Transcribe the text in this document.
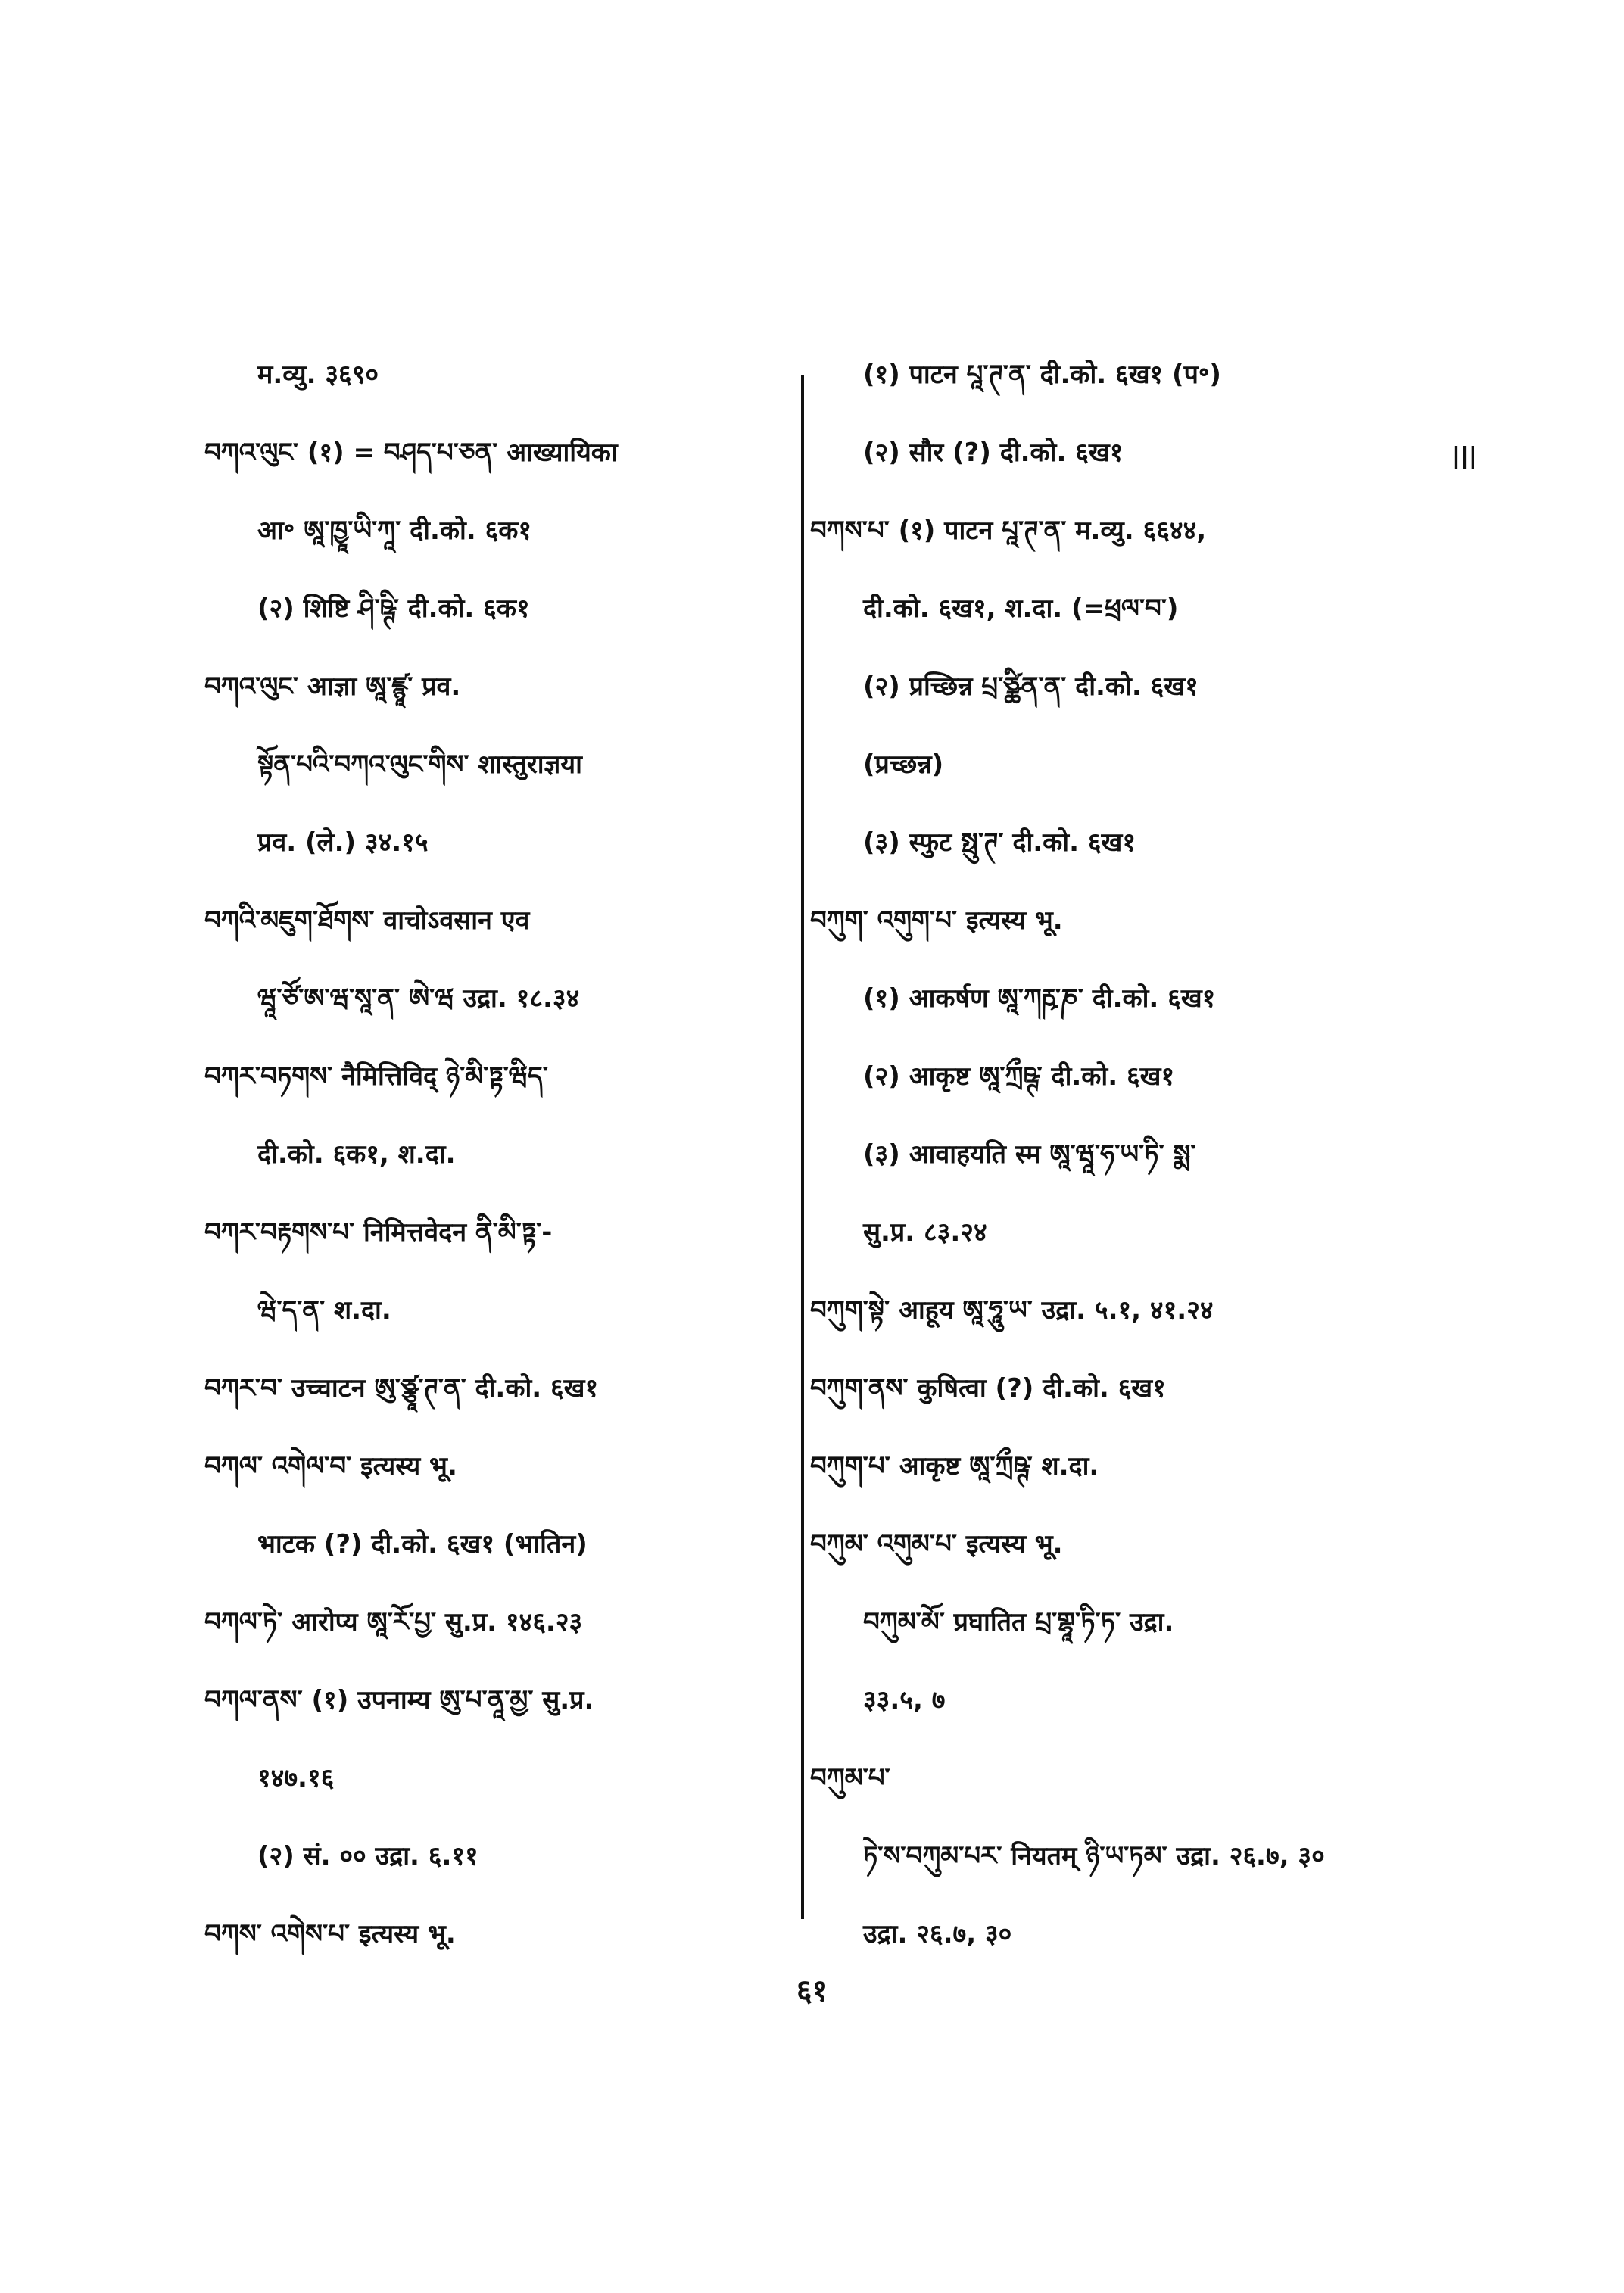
म.व्यु. ३६९०
བཀའ་ལུང་ (१) = བཤད་པ་ཅན་ आख्यायिका
आ॰ ཨཱ་ཁྱཱ་ཡི་ཀཱ་ दी.को. ६क१
(२) शिष्टि ཤི་ཥྚི་ दी.को. ६क१
བཀའ་ལུང་ आज्ञा ཨཱ་ཛྙཱ་ प्रव.
སྟོན་པའི་བཀའ་ལུང་གིས་ शास्तुराज्ञया
प्रव. (ले.) ३४.१५
བཀའི་མཇུག་ཐོགས་ वाचोऽवसान एव
ཝཱ་ཙོ་ཨ་ཝ་སཱ་ན་ ཨེ་ཝ उद्रा. १८.३४
བཀར་བཏགས་ नैमित्तिविद् ཉེ་མི་ཏྟ་ཝིད་
दी.को. ६क१, श.दा.
བཀར་བརྟགས་པ་ निमित्तवेदन ནི་མི་ཏྟ་-
ཝེ་ད་ན་ श.दा.
བཀར་བ་ उच्चाटन ཨུ་ཙྩཱ་ཊ་ན་ दी.को. ६ख१
བཀལ་ འགེལ་བ་ इत्यस्य भू.
भाटक (?) दी.को. ६ख१ (भातिन)
བཀལ་ཏེ་ आरोप्य ཨཱ་རོ་པྱ་ सु.प्र. १४६.२३
བཀལ་ནས་ (१) उपनाम्य ཨུ་པ་ནཱ་མྱ་ सु.प्र.
१४७.१६
(२) सं. ०० उद्रा. ६.११
བཀས་ འགེས་པ་ इत्यस्य भू.
(१) पाटन པཱ་ཊ་ན་ दी.को. ६ख१ (प॰)
(२) सौर (?) दी.को. ६ख१
བཀས་པ་ (१) पाटन པཱ་ཊ་ན་ म.व्यु. ६६४४,
दी.को. ६ख१, श.दा. (=ཕྲལ་བ་)
(२) प्रच्छिन्न པྲ་ཙྪིན་ན་ दी.को. ६ख१
(प्रच्छन्न)
(३) स्फुट སྥུ་ཊ་ दी.को. ६ख१
བཀུག་ འགུག་པ་ इत्यस्य भू.
(१) आकर्षण ཨཱ་ཀརྵ་ཎ་ दी.को. ६ख१
(२) आकृष्ट ཨཱ་ཀྲྀཥྚ་ दी.को. ६ख१
(३) आवाहयति स्म ཨཱ་ཝཱ་ཧ་ཡ་ཏི་ སྨ་
सु.प्र. ८३.२४
བཀུག་སྟེ་ आहूय ཨཱ་ཧཱུ་ཡ་ उद्रा. ५.१, ४१.२४
བཀུག་ནས་ कुषित्वा (?) दी.को. ६ख१
བཀུག་པ་ आकृष्ट ཨཱ་ཀྲྀཥྚ་ श.दा.
བཀུམ་ འགུམ་པ་ इत्यस्य भू.
བཀུམ་མོ་ प्रघातित པྲ་གྷཱ་ཏི་ཏ་ उद्रा.
३३.५, ७
བཀུམ་པ་
ཏེ་ས་བཀུམ་པར་ नियतम् ཉི་ཡ་ཏམ་ उद्रा. २६.७, ३०
उद्रा. २६.७, ३०
६१
|||
